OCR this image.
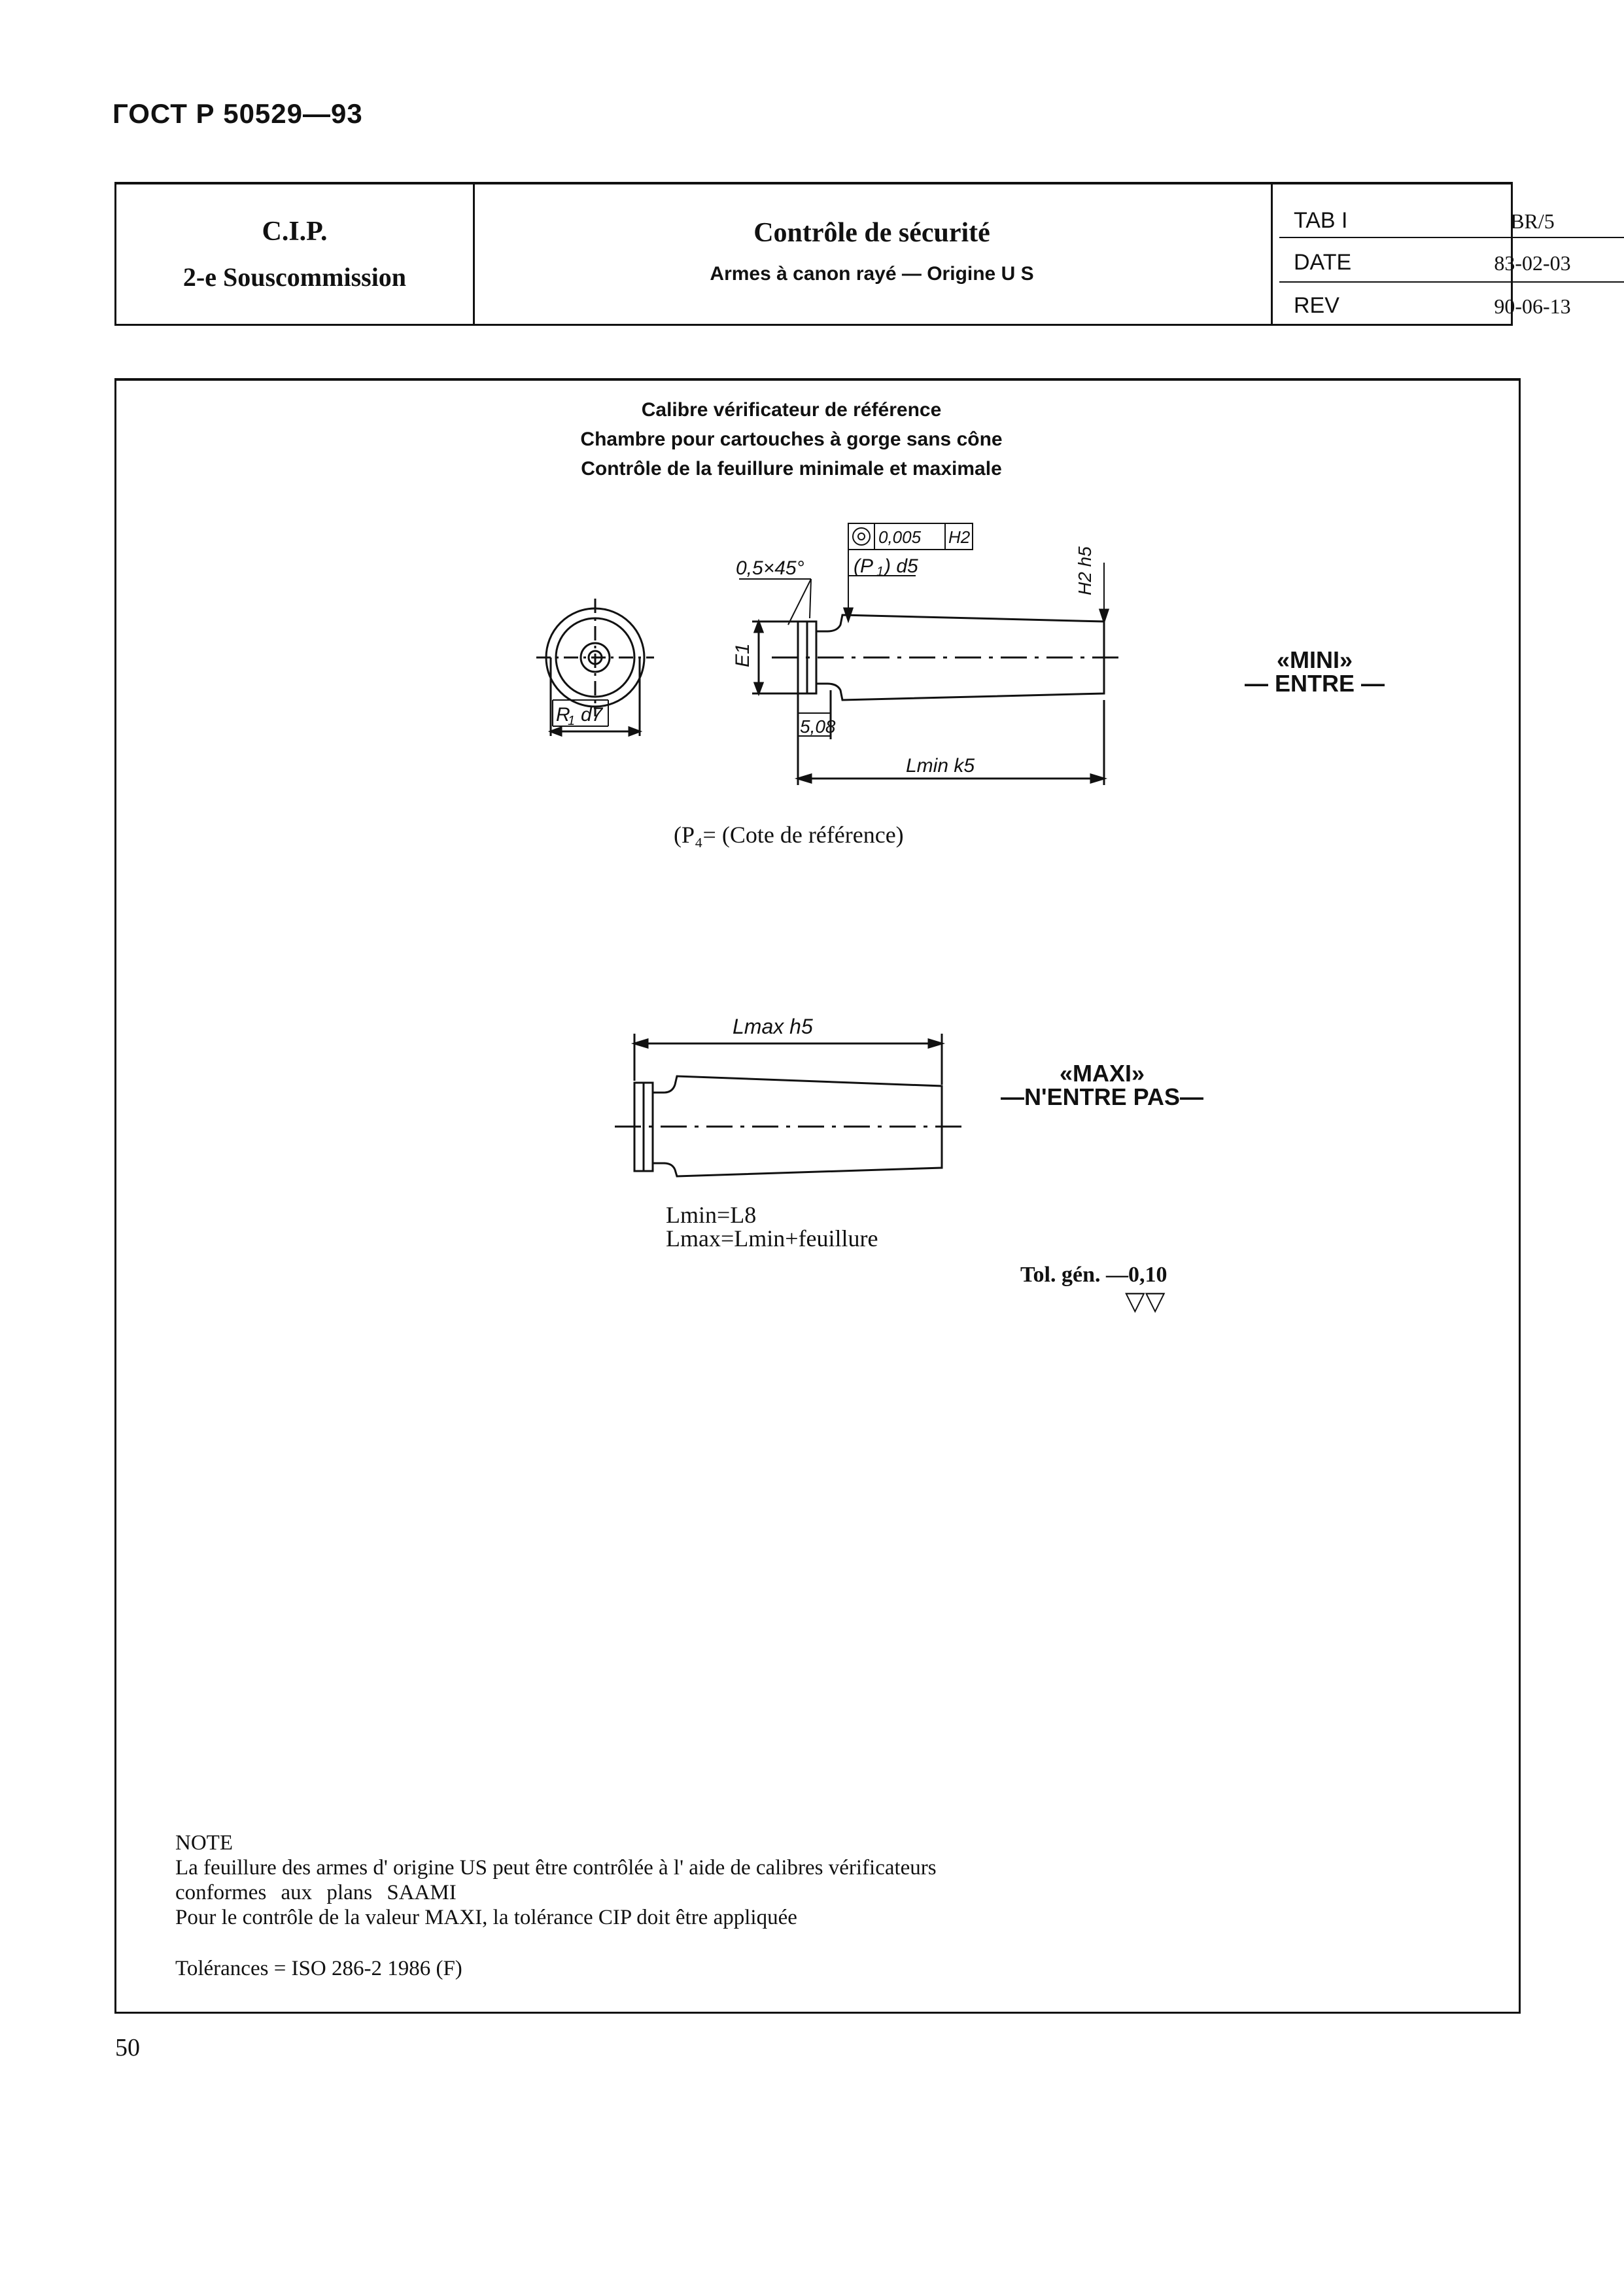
ГОСТ Р 50529—93
C.I.P.
2-e Souscommission
Contrôle de sécurité
Armes à canon rayé — Origine U S
TAB I	BR/5
DATE	83-02-03
REV	90-06-13
Calibre vérificateur de référence
Chambre pour cartouches à gorge sans cône
Contrôle de la feuillure minimale et maximale
R
1 d7
0,5×45°
0,005 H2
(P 1 ) d5
5,08
Lmin k5
E1
H2 h5
«MINI»
— ENTRE —
(P₄= (Cote de référence)
Lmax h5
«MAXI»
—N'ENTRE PAS—
Lmin=L8
Lmax=Lmin+feuillure
Tol. gén. —0,10
▽▽
NOTE
La feuillure des armes d' origine US peut être contrôlée à l' aide de calibres vérificateurs
conformes aux plans SAAMI
Pour le contrôle de la valeur MAXI, la tolérance CIP doit être appliquée
Tolérances = ISO 286-2 1986 (F)
50
